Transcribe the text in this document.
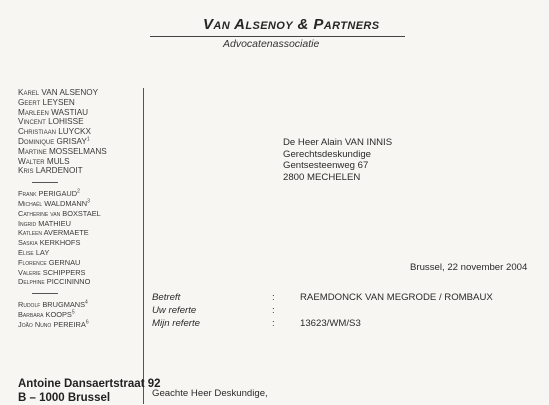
Van Alsenoy & Partners
Advocatenassociatie
Karel VAN ALSENOY
Geert LEYSEN
Marleen WASTIAU
Vincent LOHISSE
Christiaan LUYCKX
Dominique GRISAY$^1$
Martine MOSSELMANS
Walter MULS
Kris LARDENOIT
Frank PERIGAUD$^2$
Michaël WALDMANN$^3$
Catherine van BOXSTAEL
Ingrid MATHIEU
Katleen AVERMAETE
Saskia KERKHOFS
Elise LAY
Florence GERNAU
Valerie SCHIPPERS
Delphine PICCININNO
Rudolf BRUGMANS$^4$
Barbara KOOPS$^5$
João Nuno PEREIRA$^6$
Antoine Dansaertstraat 92
B – 1000 Brussel
De Heer Alain VAN INNIS
Gerechtsdeskundige
Gentsesteenweg 67
2800 MECHELEN
Brussel, 22 november 2004
Betreft	:	RAEMDONCK VAN MEGRODE / ROMBAUX
Uw referte	:
Mijn referte	:	13623/WM/S3
Geachte Heer Deskundige,
